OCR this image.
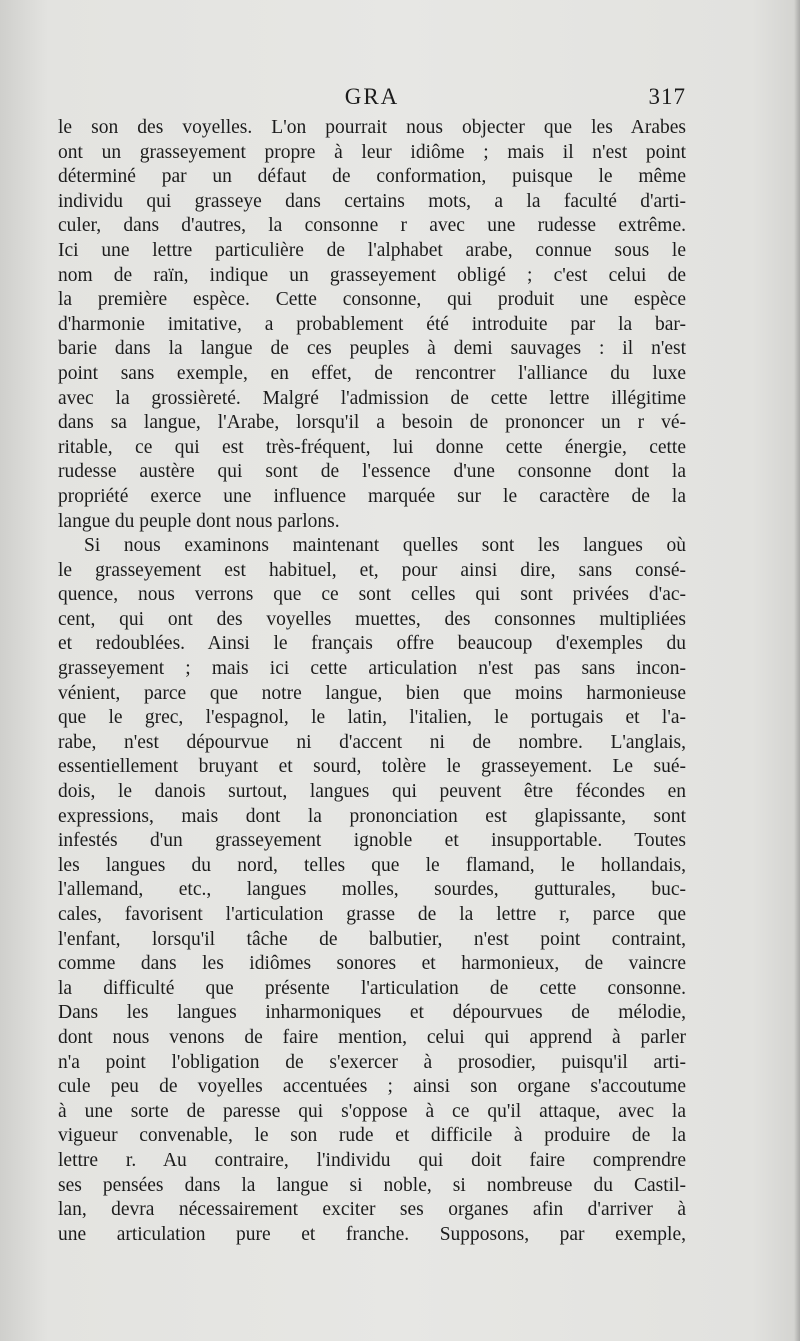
GRA	317
le son des voyelles. L'on pourrait nous objecter que les Arabes
ont un grasseyement propre à leur idiôme ; mais il n'est point
déterminé par un défaut de conformation, puisque le même
individu qui grasseye dans certains mots, a la faculté d'arti-
culer, dans d'autres, la consonne r avec une rudesse extrême.
Ici une lettre particulière de l'alphabet arabe, connue sous le
nom de raïn, indique un grasseyement obligé ; c'est celui de
la première espèce. Cette consonne, qui produit une espèce
d'harmonie imitative, a probablement été introduite par la bar-
barie dans la langue de ces peuples à demi sauvages : il n'est
point sans exemple, en effet, de rencontrer l'alliance du luxe
avec la grossièreté. Malgré l'admission de cette lettre illégitime
dans sa langue, l'Arabe, lorsqu'il a besoin de prononcer un r vé-
ritable, ce qui est très-fréquent, lui donne cette énergie, cette
rudesse austère qui sont de l'essence d'une consonne dont la
propriété exerce une influence marquée sur le caractère de la
langue du peuple dont nous parlons.
Si nous examinons maintenant quelles sont les langues où
le grasseyement est habituel, et, pour ainsi dire, sans consé-
quence, nous verrons que ce sont celles qui sont privées d'ac-
cent, qui ont des voyelles muettes, des consonnes multipliées
et redoublées. Ainsi le français offre beaucoup d'exemples du
grasseyement ; mais ici cette articulation n'est pas sans incon-
vénient, parce que notre langue, bien que moins harmonieuse
que le grec, l'espagnol, le latin, l'italien, le portugais et l'a-
rabe, n'est dépourvue ni d'accent ni de nombre. L'anglais,
essentiellement bruyant et sourd, tolère le grasseyement. Le sué-
dois, le danois surtout, langues qui peuvent être fécondes en
expressions, mais dont la prononciation est glapissante, sont
infestés d'un grasseyement ignoble et insupportable. Toutes
les langues du nord, telles que le flamand, le hollandais,
l'allemand, etc., langues molles, sourdes, gutturales, buc-
cales, favorisent l'articulation grasse de la lettre r, parce que
l'enfant, lorsqu'il tâche de balbutier, n'est point contraint,
comme dans les idiômes sonores et harmonieux, de vaincre
la difficulté que présente l'articulation de cette consonne.
Dans les langues inharmoniques et dépourvues de mélodie,
dont nous venons de faire mention, celui qui apprend à parler
n'a point l'obligation de s'exercer à prosodier, puisqu'il arti-
cule peu de voyelles accentuées ; ainsi son organe s'accoutume
à une sorte de paresse qui s'oppose à ce qu'il attaque, avec la
vigueur convenable, le son rude et difficile à produire de la
lettre r. Au contraire, l'individu qui doit faire comprendre
ses pensées dans la langue si noble, si nombreuse du Castil-
lan, devra nécessairement exciter ses organes afin d'arriver à
une articulation pure et franche. Supposons, par exemple,
